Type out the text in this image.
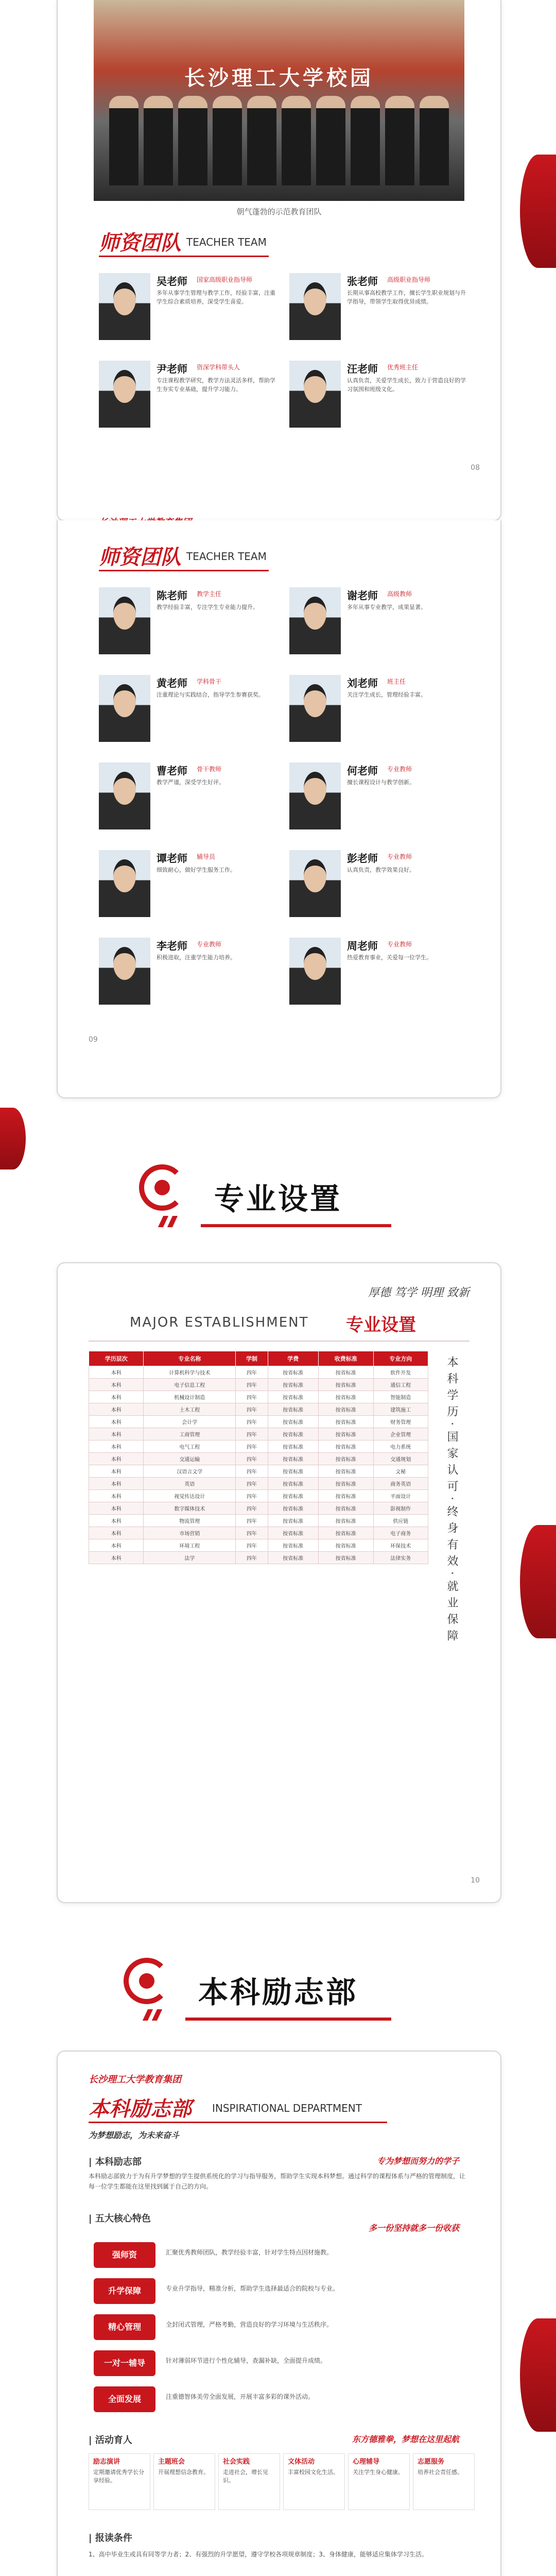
长沙理工大学校园
朝气蓬勃的示范教育团队
师资团队 TEACHER TEAM
吴老师 国家高级职业指导师
多年从事学生管理与教学工作，经验丰富，注重学生综合素质培养，深受学生喜爱。
张老师 高级职业指导师
长期从事高校教学工作，擅长学生职业规划与升学指导，带领学生取得优异成绩。
尹老师 资深学科带头人
专注课程教学研究，教学方法灵活多样，帮助学生夯实专业基础，提升学习能力。
汪老师 优秀班主任
认真负责，关爱学生成长，致力于营造良好的学习氛围和班级文化。
08
师资团队 TEACHER TEAM
陈老师 教学主任
教学经验丰富，专注学生专业能力提升。
谢老师 高级教师
多年从事专业教学，成果显著。
黄老师 学科骨干
注重理论与实践结合，指导学生参赛获奖。
刘老师 班主任
关注学生成长，管理经验丰富。
曹老师 骨干教师
教学严谨，深受学生好评。
何老师 专业教师
擅长课程设计与教学创新。
谭老师 辅导员
细致耐心，做好学生服务工作。
彭老师 专业教师
认真负责，教学效果良好。
李老师 专业教师
积极进取，注重学生能力培养。
周老师 专业教师
热爱教育事业，关爱每一位学生。
09
专业设置
厚德 笃学 明理 致新
MAJOR ESTABLISHMENT 专业设置
学历层次	专业名称	学制	学费	收费标准	专业方向
本科	计算机科学与技术	四年	按省标准	按省标准	软件开发
本科	电子信息工程	四年	按省标准	按省标准	通信工程
本科	机械设计制造	四年	按省标准	按省标准	智能制造
本科	土木工程	四年	按省标准	按省标准	建筑施工
本科	会计学	四年	按省标准	按省标准	财务管理
本科	工商管理	四年	按省标准	按省标准	企业管理
本科	电气工程	四年	按省标准	按省标准	电力系统
本科	交通运输	四年	按省标准	按省标准	交通规划
本科	汉语言文学	四年	按省标准	按省标准	文秘
本科	英语	四年	按省标准	按省标准	商务英语
本科	视觉传达设计	四年	按省标准	按省标准	平面设计
本科	数字媒体技术	四年	按省标准	按省标准	影视制作
本科	物流管理	四年	按省标准	按省标准	供应链
本科	市场营销	四年	按省标准	按省标准	电子商务
本科	环境工程	四年	按省标准	按省标准	环保技术
本科	法学	四年	按省标准	按省标准	法律实务	本科学历·国家认可·终身有效·就业保障
10
本科励志部
长沙理工大学教育集团
本科励志部 INSPIRATIONAL DEPARTMENT
为梦想励志，为未来奋斗
| 本科励志部	专为梦想而努力的学子
本科励志部致力于为有升学梦想的学生提供系统化的学习与指导服务，帮助学生实现本科梦想。通过科学的课程体系与严格的管理制度，让每一位学生都能在这里找到属于自己的方向。
| 五大核心特色
多一份坚持就多一份收获
强师资	汇聚优秀教师团队，教学经验丰富，针对学生特点因材施教。
升学保障	专业升学指导，精准分析，帮助学生选择最适合的院校与专业。
精心管理	全封闭式管理，严格考勤，营造良好的学习环境与生活秩序。
一对一辅导	针对薄弱环节进行个性化辅导，查漏补缺，全面提升成绩。
全面发展	注重德智体美劳全面发展，开展丰富多彩的课外活动。
| 活动育人	东方德雅拳，梦想在这里起航
励志演讲
定期邀请优秀学长分享经验。
主题班会
开展理想信念教育。
社会实践
走进社会，增长见识。
文体活动
丰富校园文化生活。
心理辅导
关注学生身心健康。
志愿服务
培养社会责任感。
| 报读条件
1、高中毕业生或具有同等学力者；2、有强烈的升学愿望，遵守学校各项规章制度；3、身体健康，能够适应集体学习生活。
